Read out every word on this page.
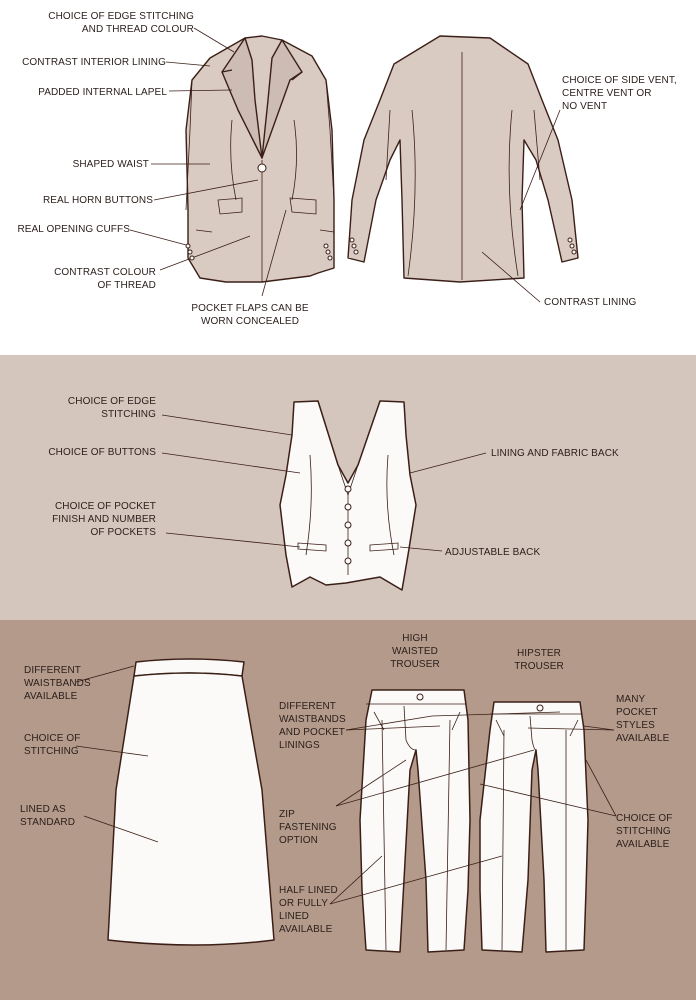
CHOICE OF EDGE STITCHING
AND THREAD COLOUR
CONTRAST INTERIOR LINING
PADDED INTERNAL LAPEL
SHAPED WAIST
REAL HORN BUTTONS
REAL OPENING CUFFS
CONTRAST COLOUR
OF THREAD
POCKET FLAPS CAN BE
WORN CONCEALED
CHOICE OF SIDE VENT,
CENTRE VENT OR
NO VENT
CONTRAST LINING
CHOICE OF EDGE
STITCHING
CHOICE OF BUTTONS
CHOICE OF POCKET
FINISH AND NUMBER
OF POCKETS
LINING AND FABRIC BACK
ADJUSTABLE BACK
DIFFERENT
WAISTBANDS
AVAILABLE
CHOICE OF
STITCHING
LINED AS
STANDARD
HIGH
WAISTED
TROUSER
HIPSTER
TROUSER
DIFFERENT
WAISTBANDS
AND POCKET
LININGS
ZIP
FASTENING
OPTION
HALF LINED
OR FULLY
LINED
AVAILABLE
MANY
POCKET
STYLES
AVAILABLE
CHOICE OF
STITCHING
AVAILABLE
